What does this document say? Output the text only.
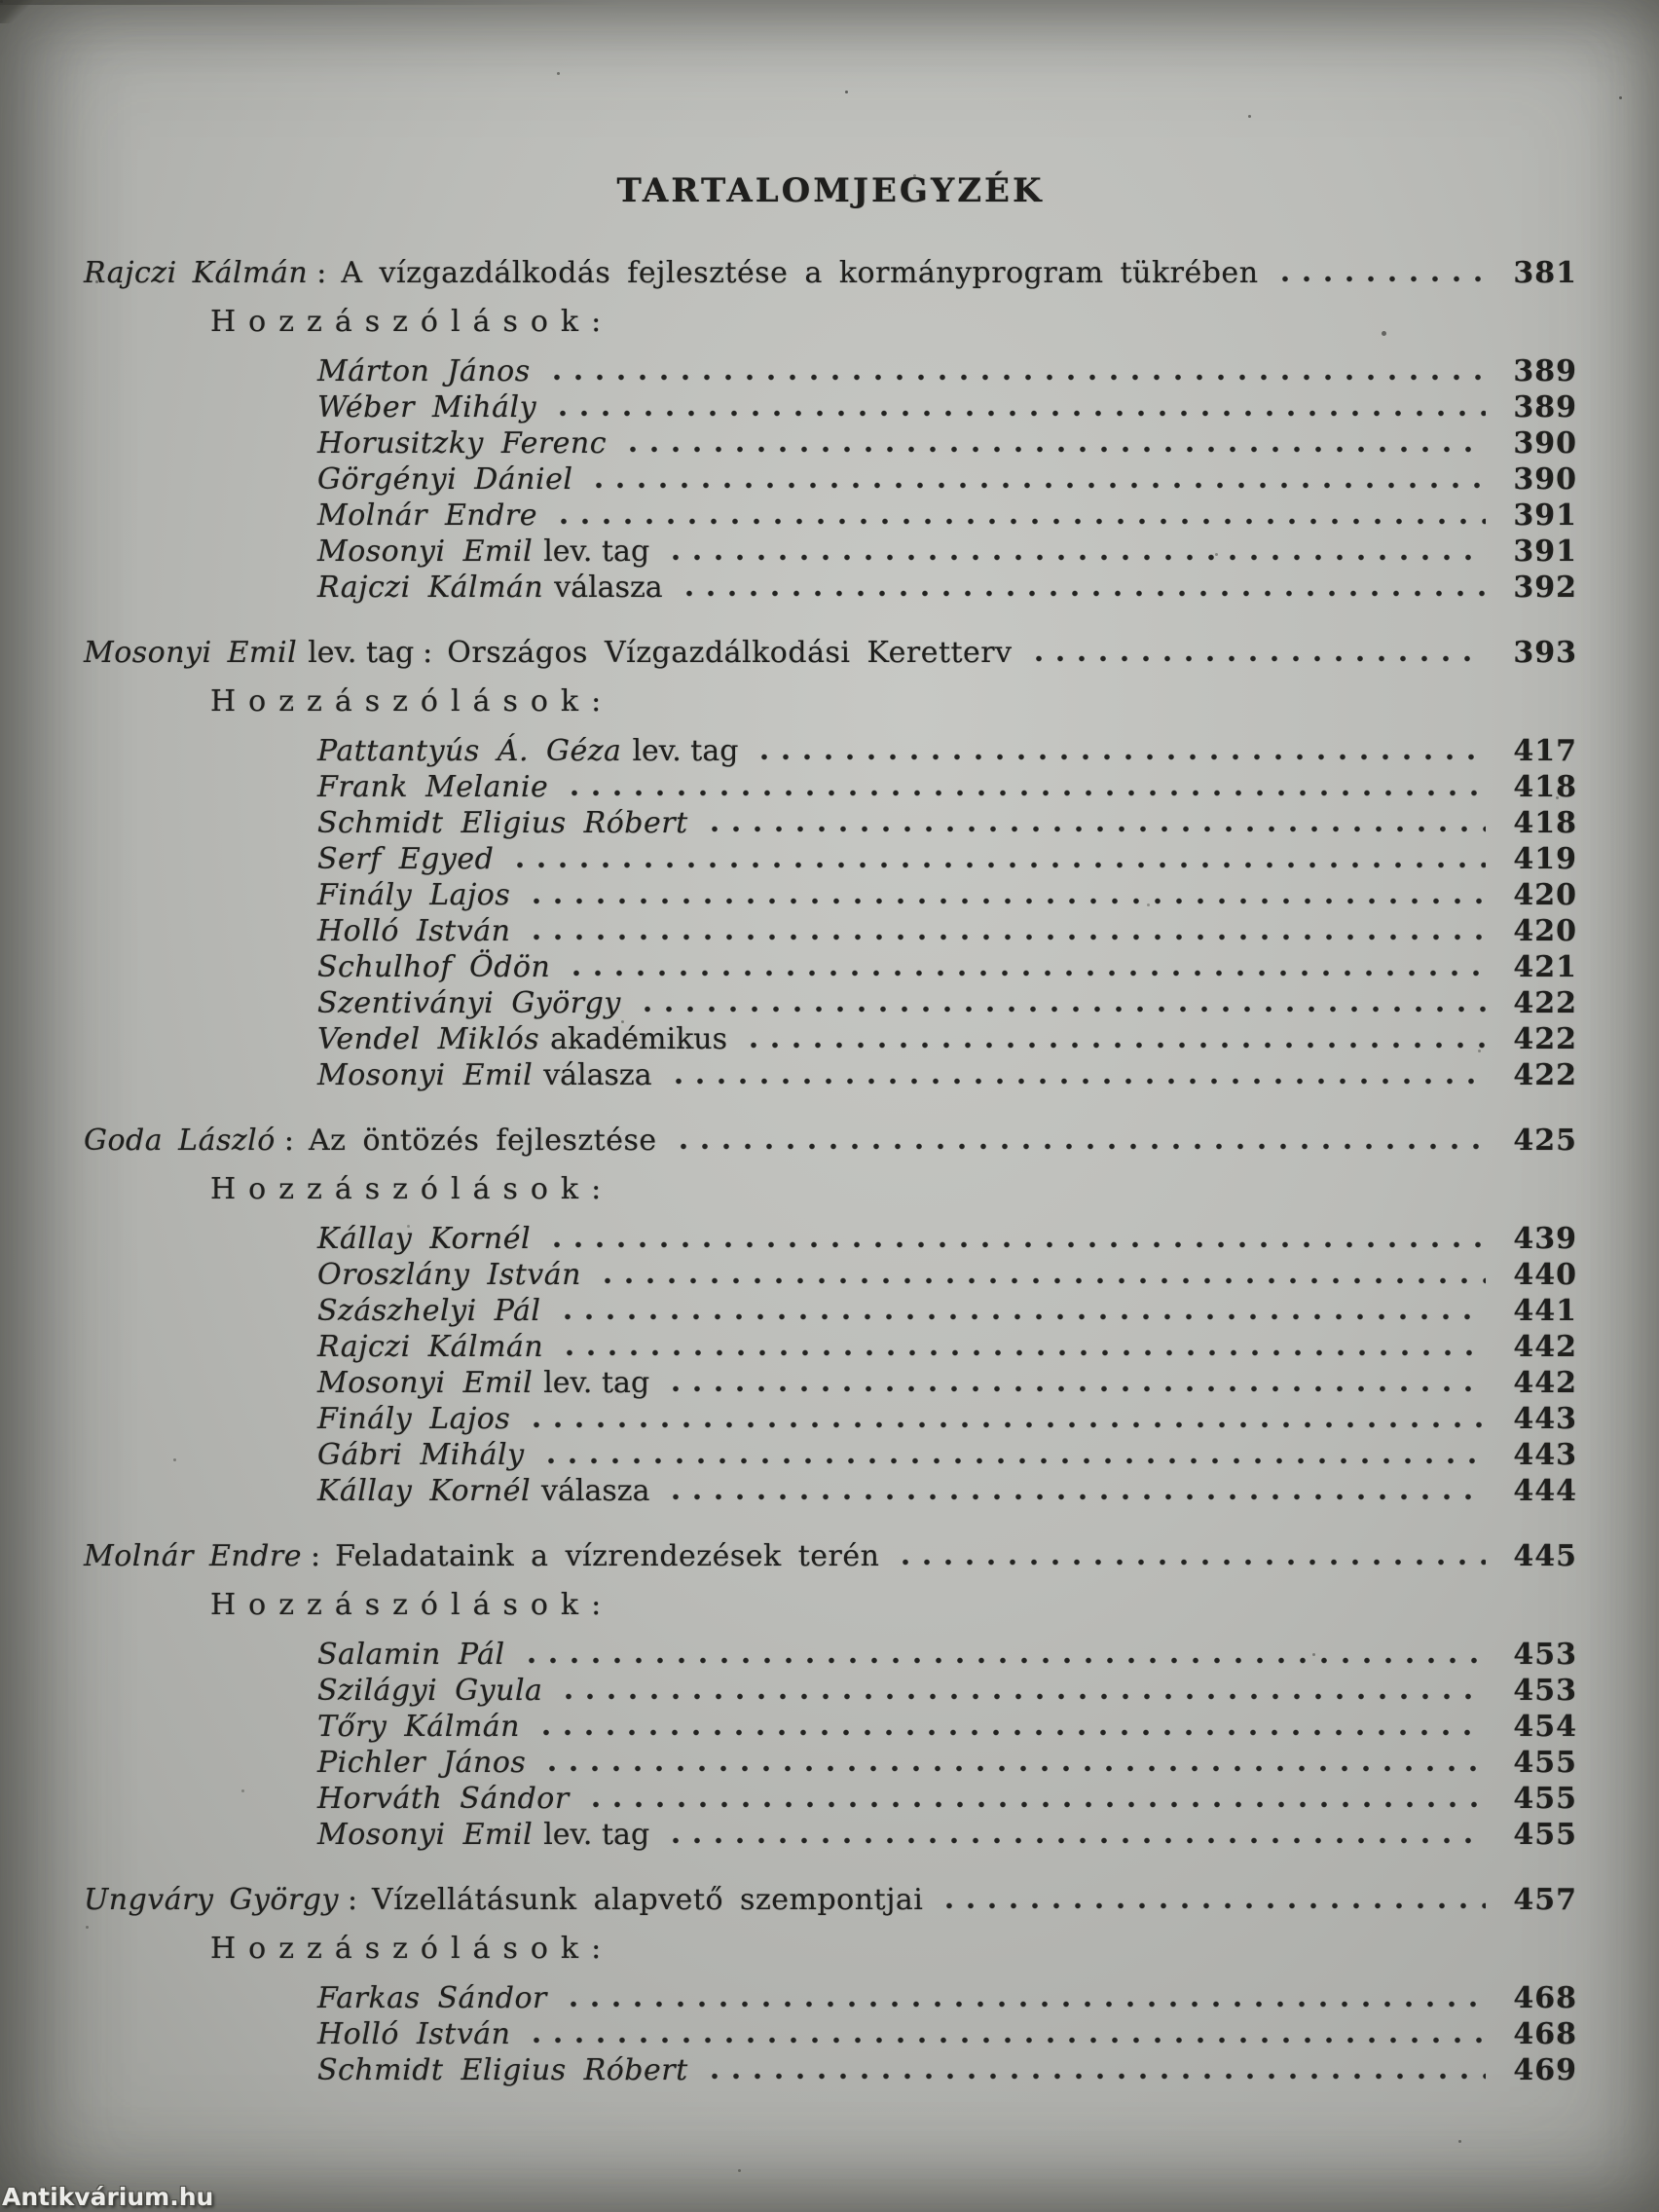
TARTALOMJEGYZÉK
Rajczi Kálmán : A vízgazdálkodás fejlesztése a kormányprogram tükrében	381
Hozzászólások:
Márton János	389
Wéber Mihály	389
Horusitzky Ferenc	390
Görgényi Dániel	390
Molnár Endre	391
Mosonyi Emil lev. tag	391
Rajczi Kálmán válasza	392
Mosonyi Emil lev. tag : Országos Vízgazdálkodási Keretterv	393
Hozzászólások:
Pattantyús Á. Géza lev. tag	417
Frank Melanie	418
Schmidt Eligius Róbert	418
Serf Egyed	419
Finály Lajos	420
Holló István	420
Schulhof Ödön	421
Szentiványi György	422
Vendel Miklós akadémikus	422
Mosonyi Emil válasza	422
Goda László : Az öntözés fejlesztése	425
Hozzászólások:
Kállay Kornél	439
Oroszlány István	440
Szászhelyi Pál	441
Rajczi Kálmán	442
Mosonyi Emil lev. tag	442
Finály Lajos	443
Gábri Mihály	443
Kállay Kornél válasza	444
Molnár Endre : Feladataink a vízrendezések terén	445
Hozzászólások:
Salamin Pál	453
Szilágyi Gyula	453
Tőry Kálmán	454
Pichler János	455
Horváth Sándor	455
Mosonyi Emil lev. tag	455
Ungváry György : Vízellátásunk alapvető szempontjai	457
Hozzászólások:
Farkas Sándor	468
Holló István	468
Schmidt Eligius Róbert	469
Antikvárium.hu
